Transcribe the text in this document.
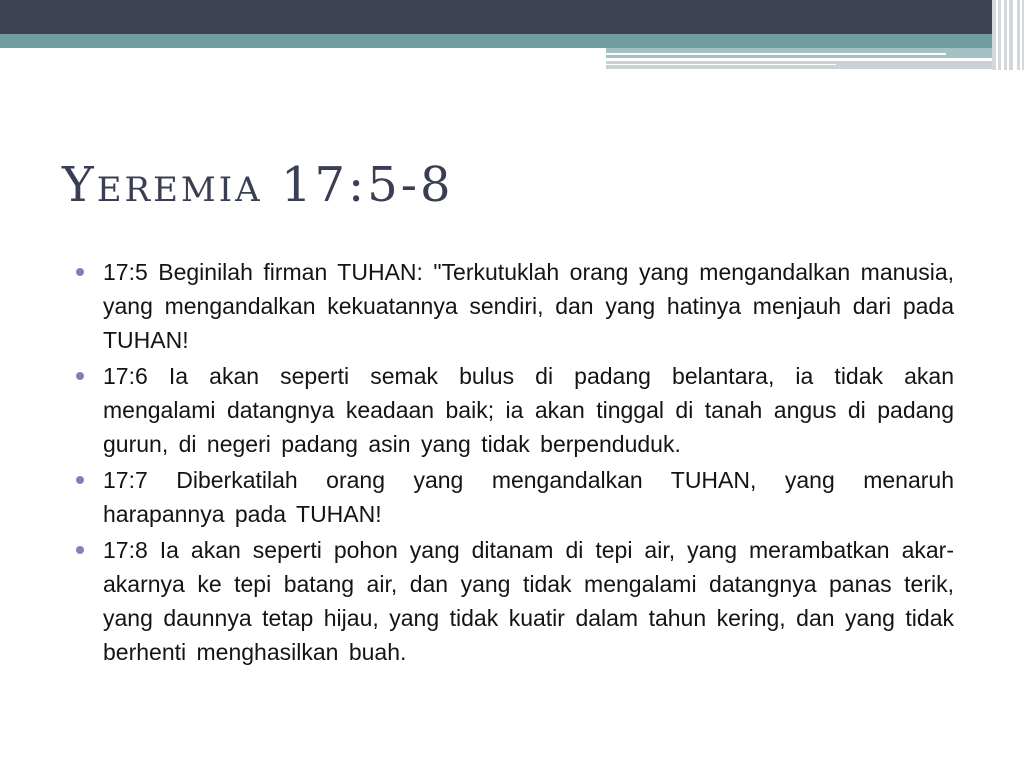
Yeremia 17:5-8
17:5 Beginilah firman TUHAN: "Terkutuklah orang yang mengandalkan manusia, yang mengandalkan kekuatannya sendiri, dan yang hatinya menjauh dari pada TUHAN!
17:6 Ia akan seperti semak bulus di padang belantara, ia tidak akan mengalami datangnya keadaan baik; ia akan tinggal di tanah angus di padang gurun, di negeri padang asin yang tidak berpenduduk.
17:7 Diberkatilah orang yang mengandalkan TUHAN, yang menaruh harapannya pada TUHAN!
17:8 Ia akan seperti pohon yang ditanam di tepi air, yang merambatkan akar-akarnya ke tepi batang air, dan yang tidak mengalami datangnya panas terik, yang daunnya tetap hijau, yang tidak kuatir dalam tahun kering, dan yang tidak berhenti menghasilkan buah.
